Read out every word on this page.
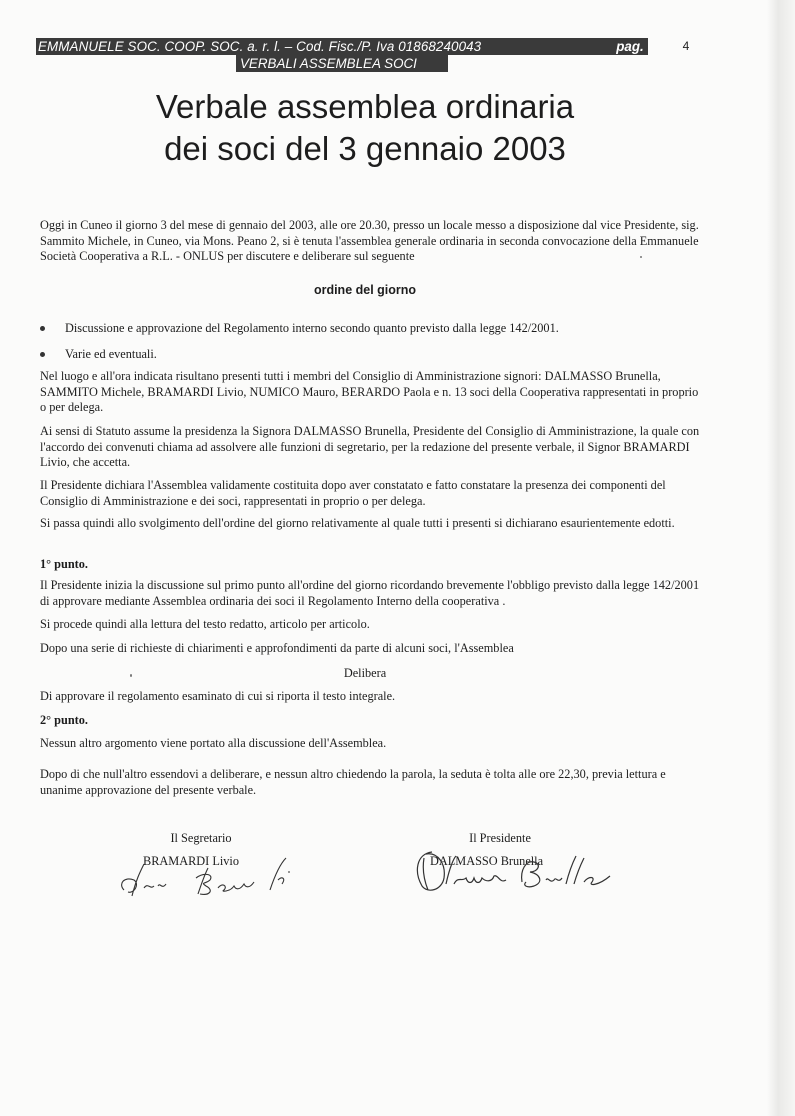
EMMANUELE SOC. COOP. SOC. a. r. l. – Cod. Fisc./P. Iva 01868240043	pag.
VERBALI ASSEMBLEA SOCI
4
Verbale assemblea ordinaria
dei soci del 3 gennaio 2003
Oggi in Cuneo il giorno 3 del mese di gennaio del 2003, alle ore 20.30, presso un locale messo a disposizione dal vice Presidente, sig. Sammito Michele, in Cuneo, via Mons. Peano 2, si è tenuta l'assemblea generale ordinaria in seconda convocazione della Emmanuele Società Cooperativa a R.L. - ONLUS per discutere e deliberare sul seguente
ordine del giorno
Discussione e approvazione del Regolamento interno secondo quanto previsto dalla legge 142/2001.
Varie ed eventuali.
Nel luogo e all'ora indicata risultano presenti tutti i membri del Consiglio di Amministrazione signori: DALMASSO Brunella, SAMMITO Michele, BRAMARDI Livio, NUMICO Mauro, BERARDO Paola e n. 13 soci della Cooperativa rappresentati in proprio o per delega.
Ai sensi di Statuto assume la presidenza la Signora DALMASSO Brunella, Presidente del Consiglio di Amministrazione, la quale con l'accordo dei convenuti chiama ad assolvere alle funzioni di segretario, per la redazione del presente verbale, il Signor BRAMARDI Livio, che accetta.
Il Presidente dichiara l'Assemblea validamente costituita dopo aver constatato e fatto constatare la presenza dei componenti del Consiglio di Amministrazione e dei soci, rappresentati in proprio o per delega.
Si passa quindi allo svolgimento dell'ordine del giorno relativamente al quale tutti i presenti si dichiarano esaurientemente edotti.
1° punto.
Il Presidente inizia la discussione sul primo punto all'ordine del giorno ricordando brevemente l'obbligo previsto dalla legge 142/2001 di approvare mediante Assemblea ordinaria dei soci il Regolamento Interno della cooperativa .
Si procede quindi alla lettura del testo redatto, articolo per articolo.
Dopo una serie di richieste di chiarimenti e approfondimenti da parte di alcuni soci, l'Assemblea
Delibera
Di approvare il regolamento esaminato di cui si riporta il testo integrale.
2° punto.
Nessun altro argomento viene portato alla discussione dell'Assemblea.
Dopo di che null'altro essendovi a deliberare, e nessun altro chiedendo la parola, la seduta è tolta alle ore 22,30, previa lettura e unanime approvazione del presente verbale.
Il Segretario
BRAMARDI Livio
Il Presidente
DALMASSO Brunella
